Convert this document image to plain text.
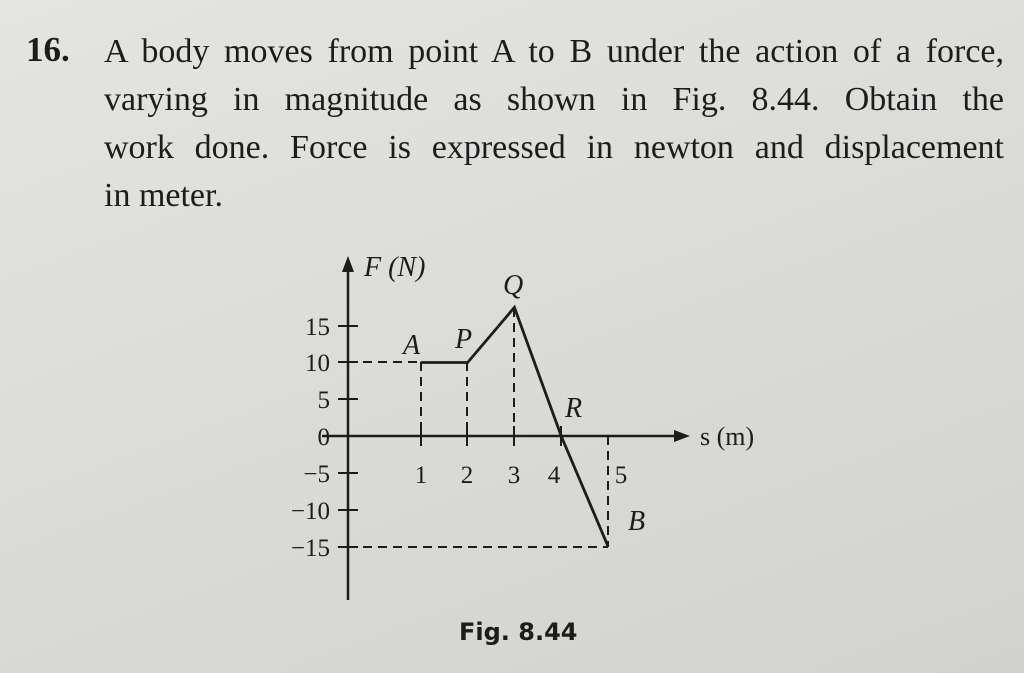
16. A body moves from point A to B under the action of a force,
varying in magnitude as shown in Fig. 8.44. Obtain the
work done. Force is expressed in newton and displacement
in meter.
F (N)
s (m)
15
10
5
0
−5
−10
−15
1 2 3 4 5
A P
Q
R
B
Fig. 8.44
